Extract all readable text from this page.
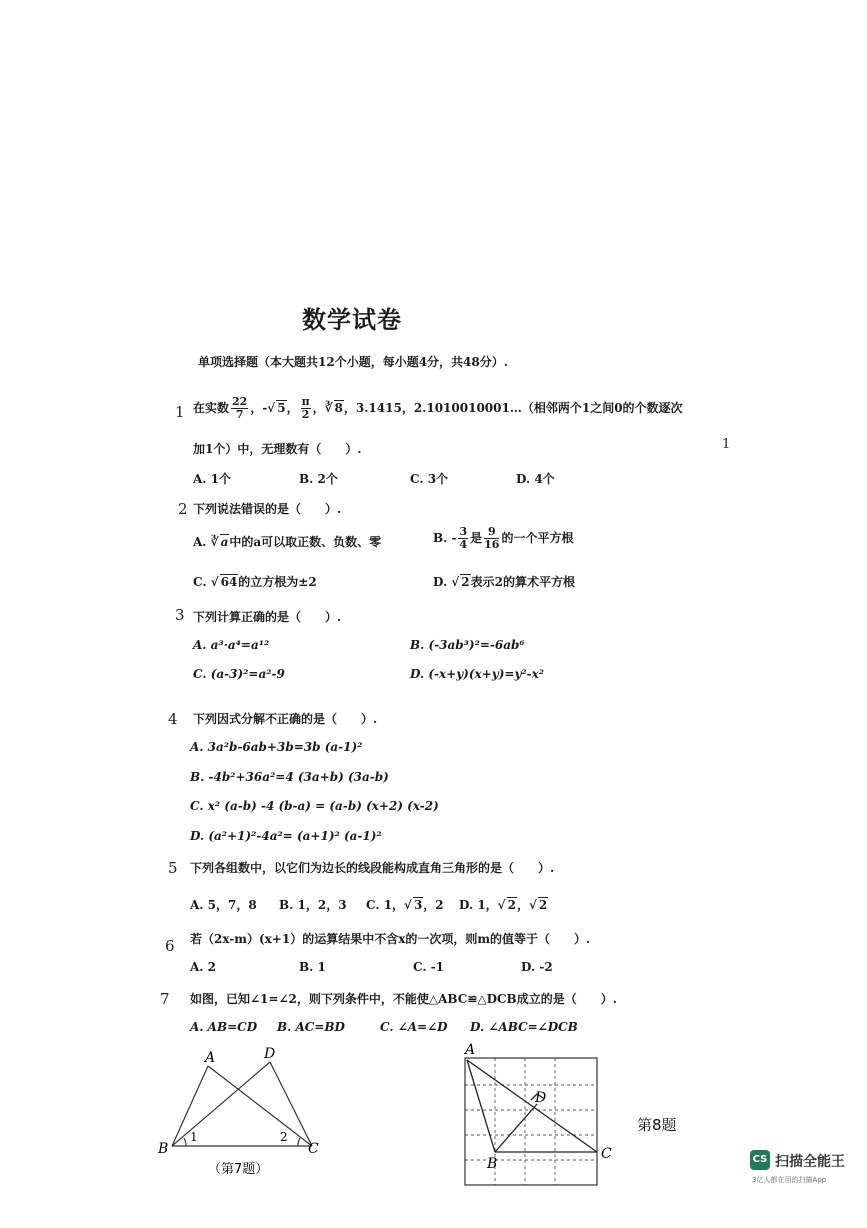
数学试卷
单项选择题（本大题共12个小题，每小题4分，共48分）.
1
1 在实数 $\frac{22}{7}$ ，-√ 5， $\frac{\pi}{2}$ ，∛ 8，3.1415，2.1010010001…（相邻两个1之间0的个数逐次
加1个）中，无理数有（　　）.
A. 1个	B. 2个	C. 3个	D. 4个
2 下列说法错误的是（　　）.
A. ∛ a中的a可以取正数、负数、零	B. - $\frac{3}{4}$ 是 $\frac{9}{16}$ 的一个平方根
C. √ 64的立方根为±2	D. √ 2表示2的算术平方根
3 下列计算正确的是（　　）.
A. a³·a⁴=a¹²	B. (-3ab³)²=-6ab⁶
C. (a-3)²=a²-9	D. (-x+y)(x+y)=y²-x²
4 下列因式分解不正确的是（　　）.
A. 3a²b-6ab+3b=3b (a-1)²
B. -4b²+36a²=4 (3a+b) (3a-b)
C. x² (a-b) -4 (b-a) = (a-b) (x+2) (x-2)
D. (a²+1)²-4a²= (a+1)² (a-1)²
5 下列各组数中，以它们为边长的线段能构成直角三角形的是（　　）.
A. 5，7，8 B. 1，2，3 C. 1，√ 3，2 D. 1，√ 2，√ 2
6 若（2x-m）(x+1）的运算结果中不含x的一次项，则m的值等于（　　）.
A. 2	B. 1	C. -1	D. -2
7 如图，已知∠1=∠2，则下列条件中，不能使△ABC≌△DCB成立的是（　　）.
A. AB=CD B. AC=BD	C. ∠A=∠D D. ∠ABC=∠DCB
A	D
B	C
1	2
（第7题）
A
B
C
D
第8题
CS 扫描全能王
3亿人都在用的扫描App
